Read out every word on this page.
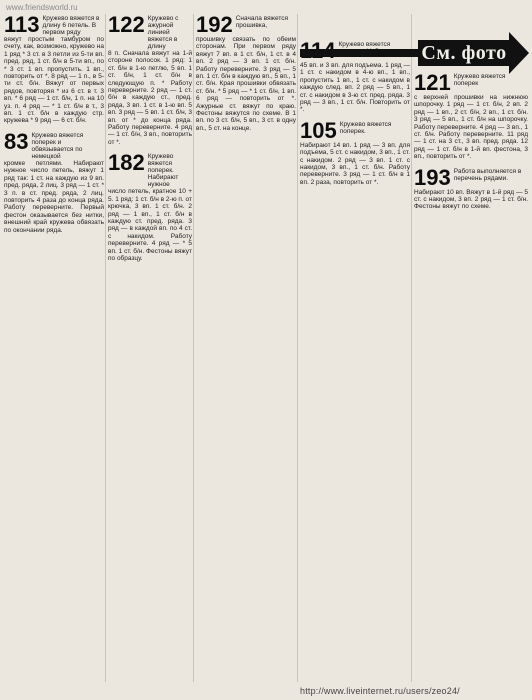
www.friendsworld.ru
113 Кружево вяжется в длину 6 петель. В первом ряду
вяжут простым тамбуром по счету, как, возможно, кружево на 1 ряд * 3 ст. в 3 петли из 5-ти вп. пред. ряд, 1 ст. б/н в 5-ти вп., по * 3 ст. 1 вп. пропустить. 1 вп., повторить от *. 8 ряд — 1 п., в 5-ти ст. б/н. Вяжут от первых рядов, повторяя * из 6 ст. в т. 3 вп. * 6 ряд — 1 ст. б/н, 1 п. на 10 уз. п. 4 ряд — * 1 ст. б/н в т., 3 вп. 1 ст. б/н в каждую стр. кружева * 9 ряд — 6 ст. б/н.
83 Кружево вяжется поперек и обвязывается по немецкой
кромке петлями. Набирают нужное число петель, вяжут 1 ряд так: 1 ст. на каждую из 9 вп. пред. ряда, 2 лиц. 3 ряд — 1 ст. * 3 п. в ст. пред. ряда, 2 лиц. повторить 4 раза до конца ряда. Работу переверните. Первый фестон оказывается без нитки, внешний край кружева обвязать по окончании ряда.
122 Кружево с ажурной линией вяжется в длину
8 п. Сначала вяжут на 1-й стороне полосок. 1 ряд: 1 ст. б/н в 1-ю петлю, 5 вп. 1 ст. б/н, 1 ст. б/н в следующую п. * Работу переверните. 2 ряд — 1 ст. б/н в каждую ст., пред. ряда, 3 вп. 1 ст. в 1-ю вп. 5 вп. 3 ряд — 5 вп. 1 ст. б/н, 3 вп. от * до конца ряда. Работу переверните. 4 ряд — 1 ст. б/н, 3 вп., повторить от *.
182 Кружево вяжется поперек. Набирают нужное
число петель, кратное 10 + 5. 1 ряд: 1 ст. б/н в 2-ю п. от крючка, 3 вп. 1 ст. б/н. 2 ряд — 1 вп., 1 ст. б/н в каждую ст. пред. ряда. 3 ряд — в каждой вп. по 4 ст. с накидом. Работу переверните. 4 ряд — * 5 вп. 1 ст. б/н. Фестоны вяжут по образцу.
192 Сначала вяжется прошивка,
прошивку связать по обеим сторонам. При первом ряду вяжут 7 вп. в 1 ст. б/н, 1 ст. в 4 вп. 2 ряд — 3 вп. 1 ст. б/н. Работу переверните. 3 ряд — 5 вп. 1 ст. б/н в каждую вп., 5 вп., 1 ст. б/н. Края прошивки обвязать ст. б/н. * 5 ряд — * 1 ст. б/н, 1 вп. 6 ряд — повторить от *. Ажурные ст. вяжут по краю. Фестоны вяжутся по схеме. В 1 вп. по 3 ст. б/н, 5 вп., 3 ст. в одну вп., 5 ст. на конце.
Кружево вяжется
45 вп. и 3 вп. для подъема. 1 ряд — 1 ст. с накидом в 4-ю вп., 1 вп., пропустить 1 вп., 1 ст. с накидом в каждую след. вп. 2 ряд — 5 вп., 1 ст. с накидом в 3-ю ст. пред. ряда. 3 ряд — 3 вп., 1 ст. б/н. Повторить от *.
105 Кружево вяжется поперек.
Набирают 14 вп. 1 ряд — 3 вп. для подъема, 5 ст. с накидом, 3 вп., 1 ст. с накидом. 2 ряд — 3 вп. 1 ст. с накидом, 3 вп., 1 ст. б/н. Работу переверните. 3 ряд — 1 ст. б/н в 1 вп. 2 раза, повторить от *.
121 Кружево вяжется поперек
с верхней прошивки на нижнюю шпорочку. 1 ряд — 1 ст. б/н, 2 вп. 2 ряд — 1 вп., 2 ст. б/н, 2 вп., 1 ст. б/н. 3 ряд — 5 вп., 1 ст. б/н на шпорочку. Работу переверните. 4 ряд — 3 вп., 1 ст. б/н. Работу переверните. 11 ряд — 1 ст. на 3 ст., 3 вп. пред. ряда. 12 ряд — 1 ст. б/н в 1-й вп. фестона, 3 вп., повторить от *.
193 Работа выполняется в перечень рядами.
Набирают 10 вп. Вяжут в 1-й ряд — 5 ст. с накидом, 3 вп. 2 ряд — 1 ст. б/н. Фестоны вяжут по схеме.
См. фото
http://www.liveinternet.ru/users/zeo24/
